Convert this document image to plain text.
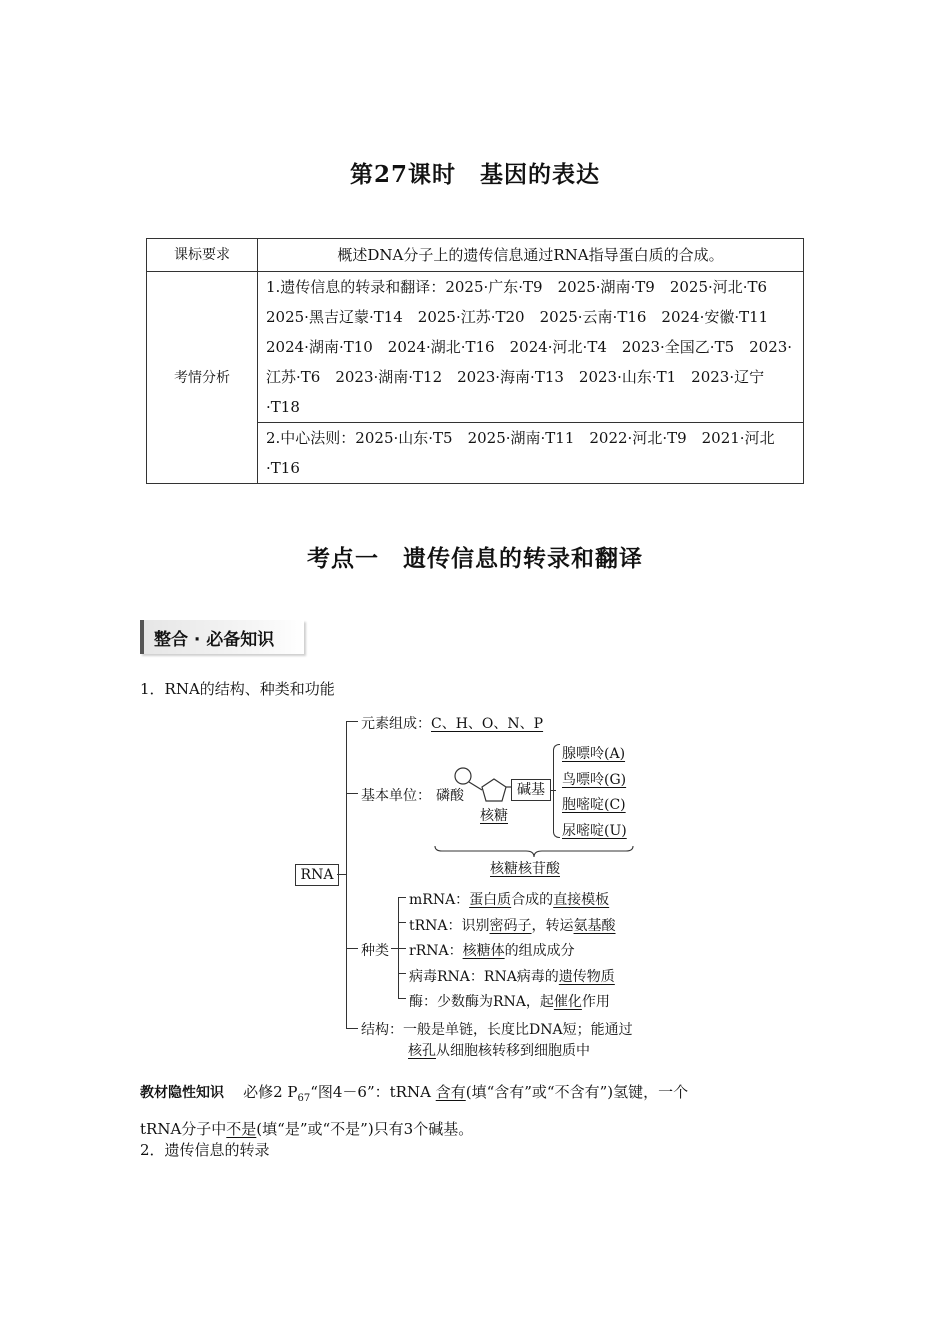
第27课时　基因的表达
课标要求	概述DNA分子上的遗传信息通过RNA指导蛋白质的合成。
考情分析	1.遗传信息的转录和翻译：2025·广东·T9　2025·湖南·T9　2025·河北·T6　2025·黑吉辽蒙·T14　2025·江苏·T20　2025·云南·T16　2024·安徽·T11　2024·湖南·T10　2024·湖北·T16　2024·河北·T4　2023·全国乙·T5　2023·江苏·T6　2023·湖南·T12　2023·海南·T13　2023·山东·T1　2023·辽宁·T18
	2.中心法则：2025·山东·T5　2025·湖南·T11　2022·河北·T9　2021·河北·T16
考点一　遗传信息的转录和翻译
整合 · 必备知识
1．RNA的结构、种类和功能
RNA
元素组成：C、H、O、N、P
基本单位： 磷酸	碱基
核糖
腺嘌呤(A)
鸟嘌呤(G)
胞嘧啶(C)
尿嘧啶(U)
核糖核苷酸
种类
mRNA：蛋白质合成的直接模板
tRNA：识别密码子，转运氨基酸
rRNA：核糖体的组成成分
病毒RNA：RNA病毒的遗传物质
酶：少数酶为RNA，起催化作用
结构：一般是单链，长度比DNA短；能通过
核孔从细胞核转移到细胞质中
教材隐性知识 必修2 $P_{67}“$图4－6”：tRNA 含有(填“含有”或“不含有”)氢键，一个
tRNA分子中不是(填“是”或“不是”)只有3个碱基。
2．遗传信息的转录
